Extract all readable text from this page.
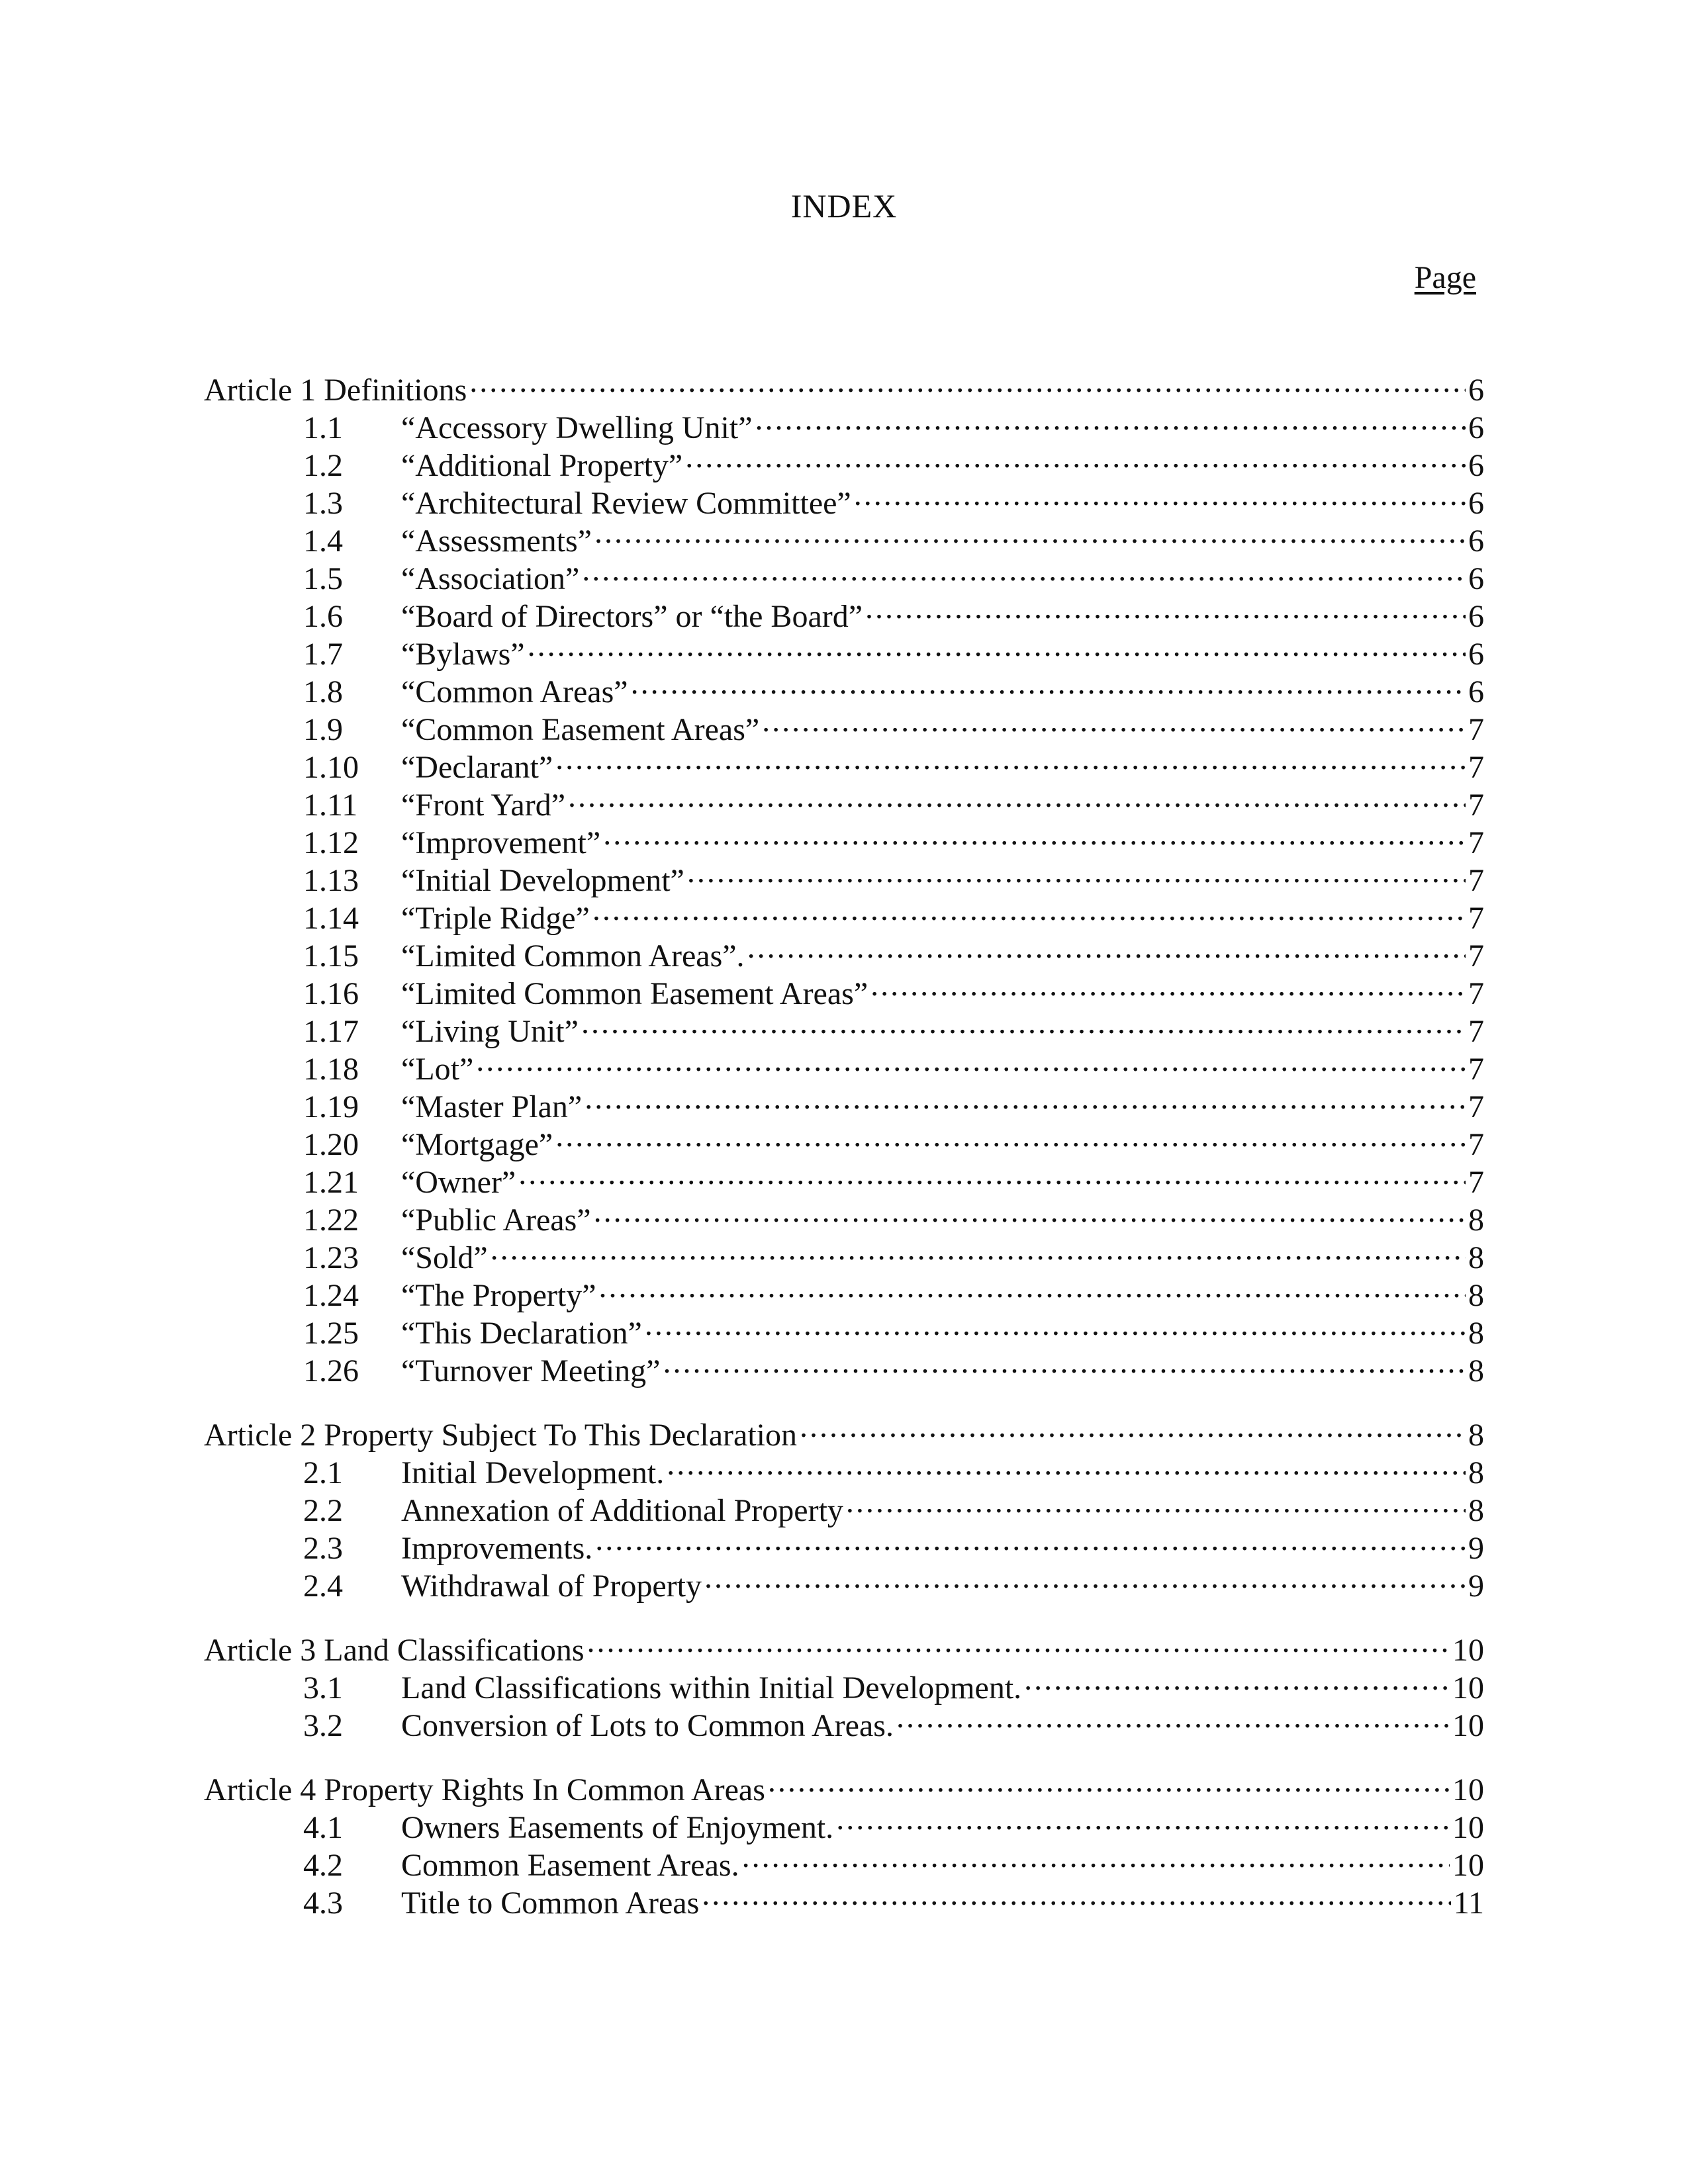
INDEX
Page
Article 1 Definitions .....	6
1.1	“Accessory Dwelling Unit” .....	6
1.2	“Additional Property” .....	6
1.3	“Architectural Review Committee” .....	6
1.4	“Assessments” .....	6
1.5	“Association” .....	6
1.6	“Board of Directors” or “the Board” .....	6
1.7	“Bylaws” .....	6
1.8	“Common Areas” .....	6
1.9	“Common Easement Areas” .....	7
1.10	“Declarant” .....	7
1.11	“Front Yard” .....	7
1.12	“Improvement” .....	7
1.13	“Initial Development” .....	7
1.14	“Triple Ridge” .....	7
1.15	“Limited Common Areas”. .....	7
1.16	“Limited Common Easement Areas” .....	7
1.17	“Living Unit” .....	7
1.18	“Lot” .....	7
1.19	“Master Plan” .....	7
1.20	“Mortgage” .....	7
1.21	“Owner” .....	7
1.22	“Public Areas” .....	8
1.23	“Sold” .....	8
1.24	“The Property” .....	8
1.25	“This Declaration” .....	8
1.26	“Turnover Meeting” .....	8
Article 2 Property Subject To This Declaration .....	8
2.1	Initial Development. .....	8
2.2	Annexation of Additional Property .....	8
2.3	Improvements. .....	9
2.4	Withdrawal of Property .....	9
Article 3 Land Classifications .....	10
3.1	Land Classifications within Initial Development. .....	10
3.2	Conversion of Lots to Common Areas. .....	10
Article 4 Property Rights In Common Areas .....	10
4.1	Owners Easements of Enjoyment. .....	10
4.2	Common Easement Areas. .....	10
4.3	Title to Common Areas .....	11
